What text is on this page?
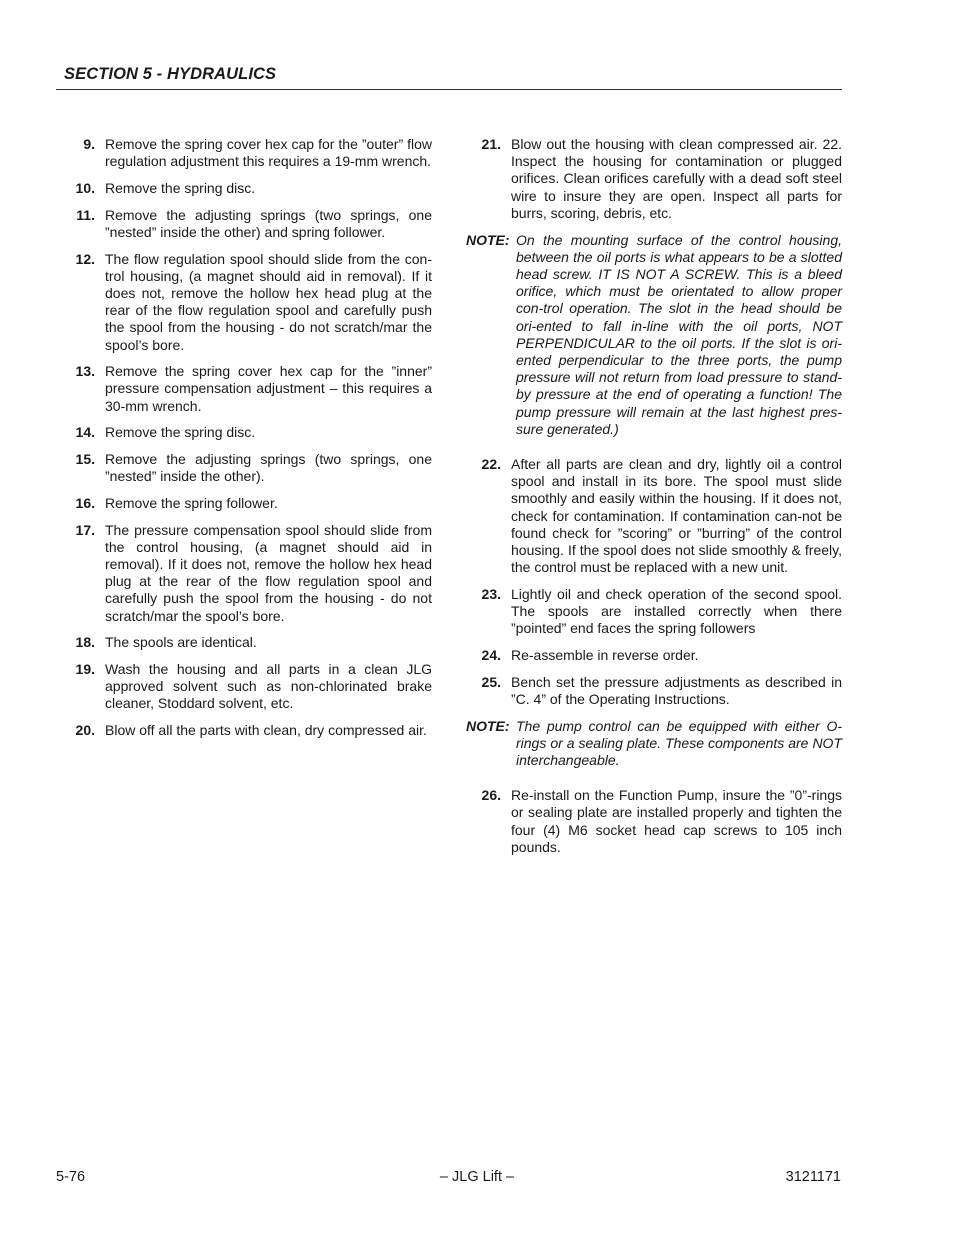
SECTION 5 - HYDRAULICS
9. Remove the spring cover hex cap for the ”outer” flow regulation adjustment this requires a 19-mm wrench.
10. Remove the spring disc.
11. Remove the adjusting springs (two springs, one ”nested” inside the other) and spring follower.
12. The flow regulation spool should slide from the con-trol housing, (a magnet should aid in removal). If it does not, remove the hollow hex head plug at the rear of the flow regulation spool and carefully push the spool from the housing - do not scratch/mar the spool’s bore.
13. Remove the spring cover hex cap for the ”inner” pressure compensation adjustment – this requires a 30-mm wrench.
14. Remove the spring disc.
15. Remove the adjusting springs (two springs, one ”nested” inside the other).
16. Remove the spring follower.
17. The pressure compensation spool should slide from the control housing, (a magnet should aid in removal). If it does not, remove the hollow hex head plug at the rear of the flow regulation spool and carefully push the spool from the housing - do not scratch/mar the spool’s bore.
18. The spools are identical.
19. Wash the housing and all parts in a clean JLG approved solvent such as non-chlorinated brake cleaner, Stoddard solvent, etc.
20. Blow off all the parts with clean, dry compressed air.
21. Blow out the housing with clean compressed air. 22. Inspect the housing for contamination or plugged orifices. Clean orifices carefully with a dead soft steel wire to insure they are open. Inspect all parts for burrs, scoring, debris, etc.
NOTE: On the mounting surface of the control housing, between the oil ports is what appears to be a slotted head screw. IT IS NOT A SCREW. This is a bleed orifice, which must be orientated to allow proper con-trol operation. The slot in the head should be ori-ented to fall in-line with the oil ports, NOT PERPENDICULAR to the oil ports. If the slot is ori-ented perpendicular to the three ports, the pump pressure will not return from load pressure to stand-by pressure at the end of operating a function! The pump pressure will remain at the last highest pres-sure generated.)
22. After all parts are clean and dry, lightly oil a control spool and install in its bore. The spool must slide smoothly and easily within the housing. If it does not, check for contamination. If contamination can-not be found check for ”scoring” or ”burring” of the control housing. If the spool does not slide smoothly & freely, the control must be replaced with a new unit.
23. Lightly oil and check operation of the second spool. The spools are installed correctly when there ”pointed” end faces the spring followers
24. Re-assemble in reverse order.
25. Bench set the pressure adjustments as described in ”C. 4” of the Operating Instructions.
NOTE: The pump control can be equipped with either O-rings or a sealing plate. These components are NOT interchangeable.
26. Re-install on the Function Pump, insure the ”0”-rings or sealing plate are installed properly and tighten the four (4) M6 socket head cap screws to 105 inch pounds.
5-76	– JLG Lift –	3121171
